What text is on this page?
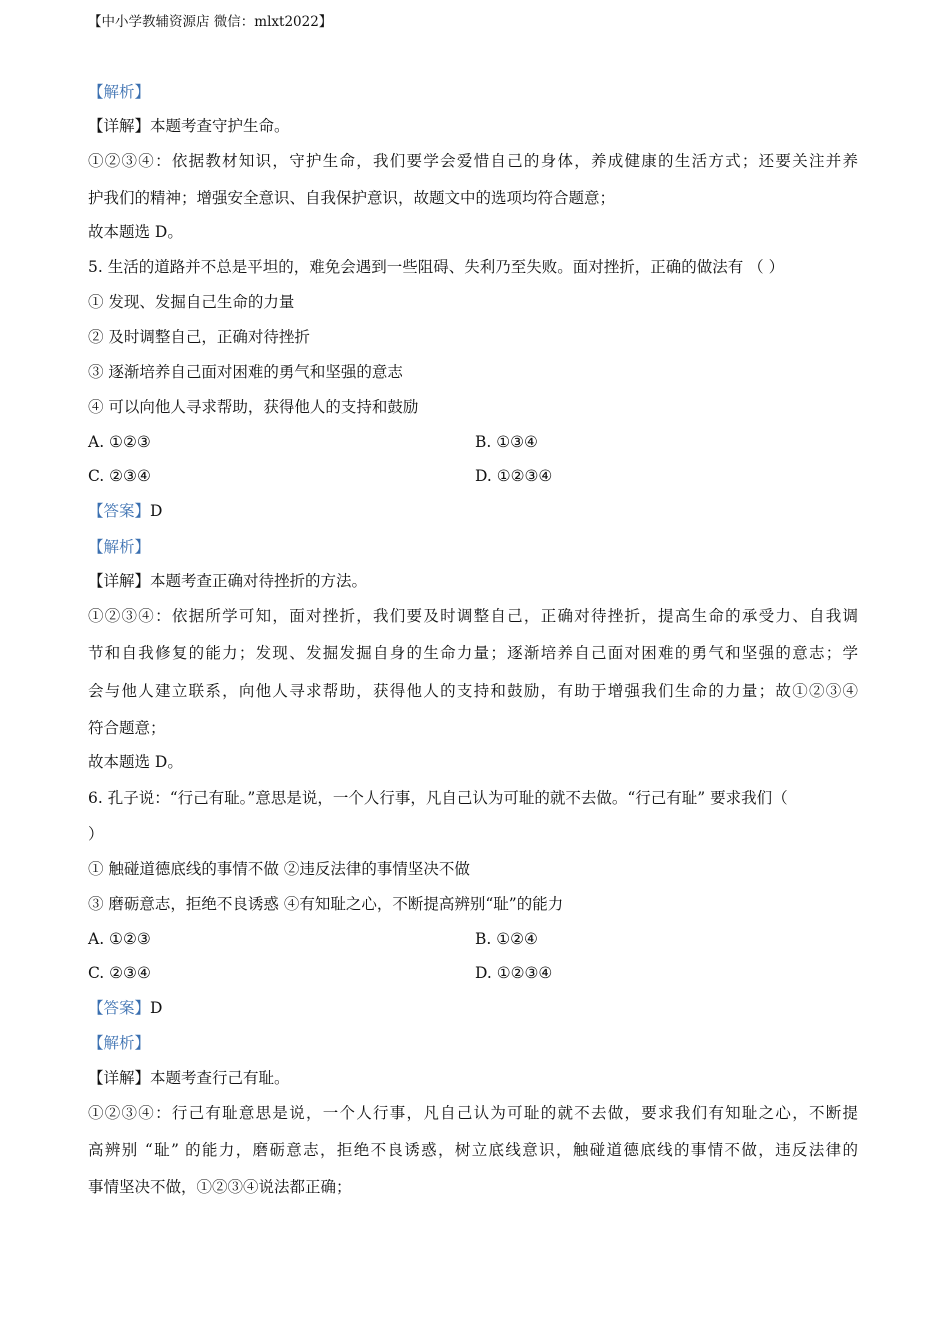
【中小学教辅资源店 微信：mlxt2022】
【解析】
【详解】本题考查守护生命。
①②③④：依据教材知识，守护生命，我们要学会爱惜自己的身体，养成健康的生活方式；还要关注并养
护我们的精神；增强安全意识、自我保护意识，故题文中的选项均符合题意；
故本题选 D。
5. 生活的道路并不总是平坦的，难免会遇到一些阻碍、失利乃至失败。面对挫折，正确的做法有 （ ）
① 发现、发掘自己生命的力量
② 及时调整自己，正确对待挫折
③ 逐渐培养自己面对困难的勇气和坚强的意志
④ 可以向他人寻求帮助，获得他人的支持和鼓励
A. ①②③	B. ①③④
C. ②③④	D. ①②③④
【答案】D
【解析】
【详解】本题考查正确对待挫折的方法。
①②③④：依据所学可知，面对挫折，我们要及时调整自己，正确对待挫折，提高生命的承受力、自我调
节和自我修复的能力；发现、发掘发掘自身的生命力量；逐渐培养自己面对困难的勇气和坚强的意志；学
会与他人建立联系，向他人寻求帮助，获得他人的支持和鼓励，有助于增强我们生命的力量；故①②③④
符合题意；
故本题选 D。
6. 孔子说：“行己有耻。”意思是说，一个人行事，凡自己认为可耻的就不去做。“行己有耻” 要求我们（
）
① 触碰道德底线的事情不做 ②违反法律的事情坚决不做
③ 磨砺意志，拒绝不良诱惑 ④有知耻之心，不断提高辨别“耻”的能力
A. ①②③	B. ①②④
C. ②③④	D. ①②③④
【答案】D
【解析】
【详解】本题考查行己有耻。
①②③④：行己有耻意思是说，一个人行事，凡自己认为可耻的就不去做，要求我们有知耻之心，不断提
高辨别 “耻” 的能力，磨砺意志，拒绝不良诱惑，树立底线意识，触碰道德底线的事情不做，违反法律的
事情坚决不做，①②③④说法都正确；
